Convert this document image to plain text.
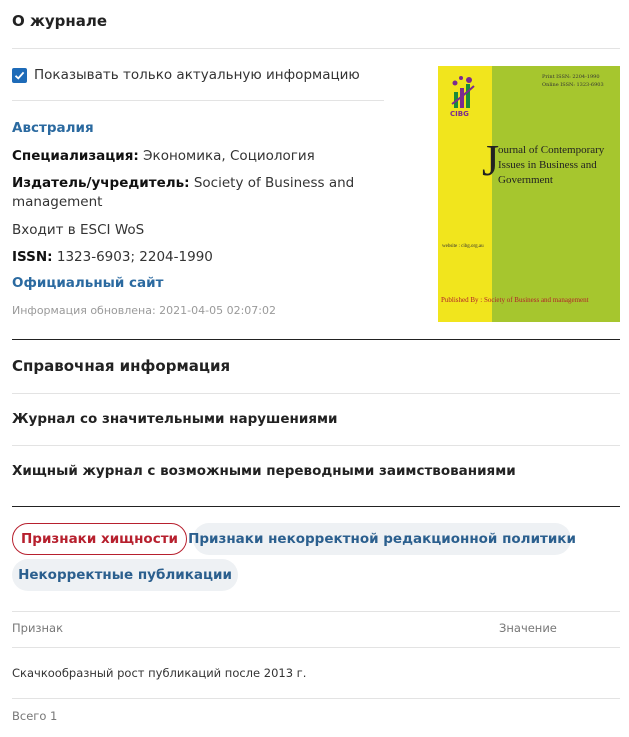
О журнале
Показывать только актуальную информацию
Австралия
Специализация: Экономика, Социология
Издатель/учредитель: Society of Business and
management
Входит в ESCI WoS
ISSN: 1323-6903; 2204-1990
Официальный сайт
Информация обновлена: 2021-04-05 02:07:02
CIBG
Print ISSN: 2204-1990
Online ISSN: 1323-6903
J
ournal of Contemporary
Issues in Business and
Government
website : cibg.org.au
Published By : Society of Business and management
Справочная информация
Журнал со значительными нарушениями
Хищный журнал с возможными переводными заимствованиями
Признаки хищности Признаки некорректной редакционной политики
Некорректные публикации
Признак	Значение
Скачкообразный рост публикаций после 2013 г.
Всего 1
